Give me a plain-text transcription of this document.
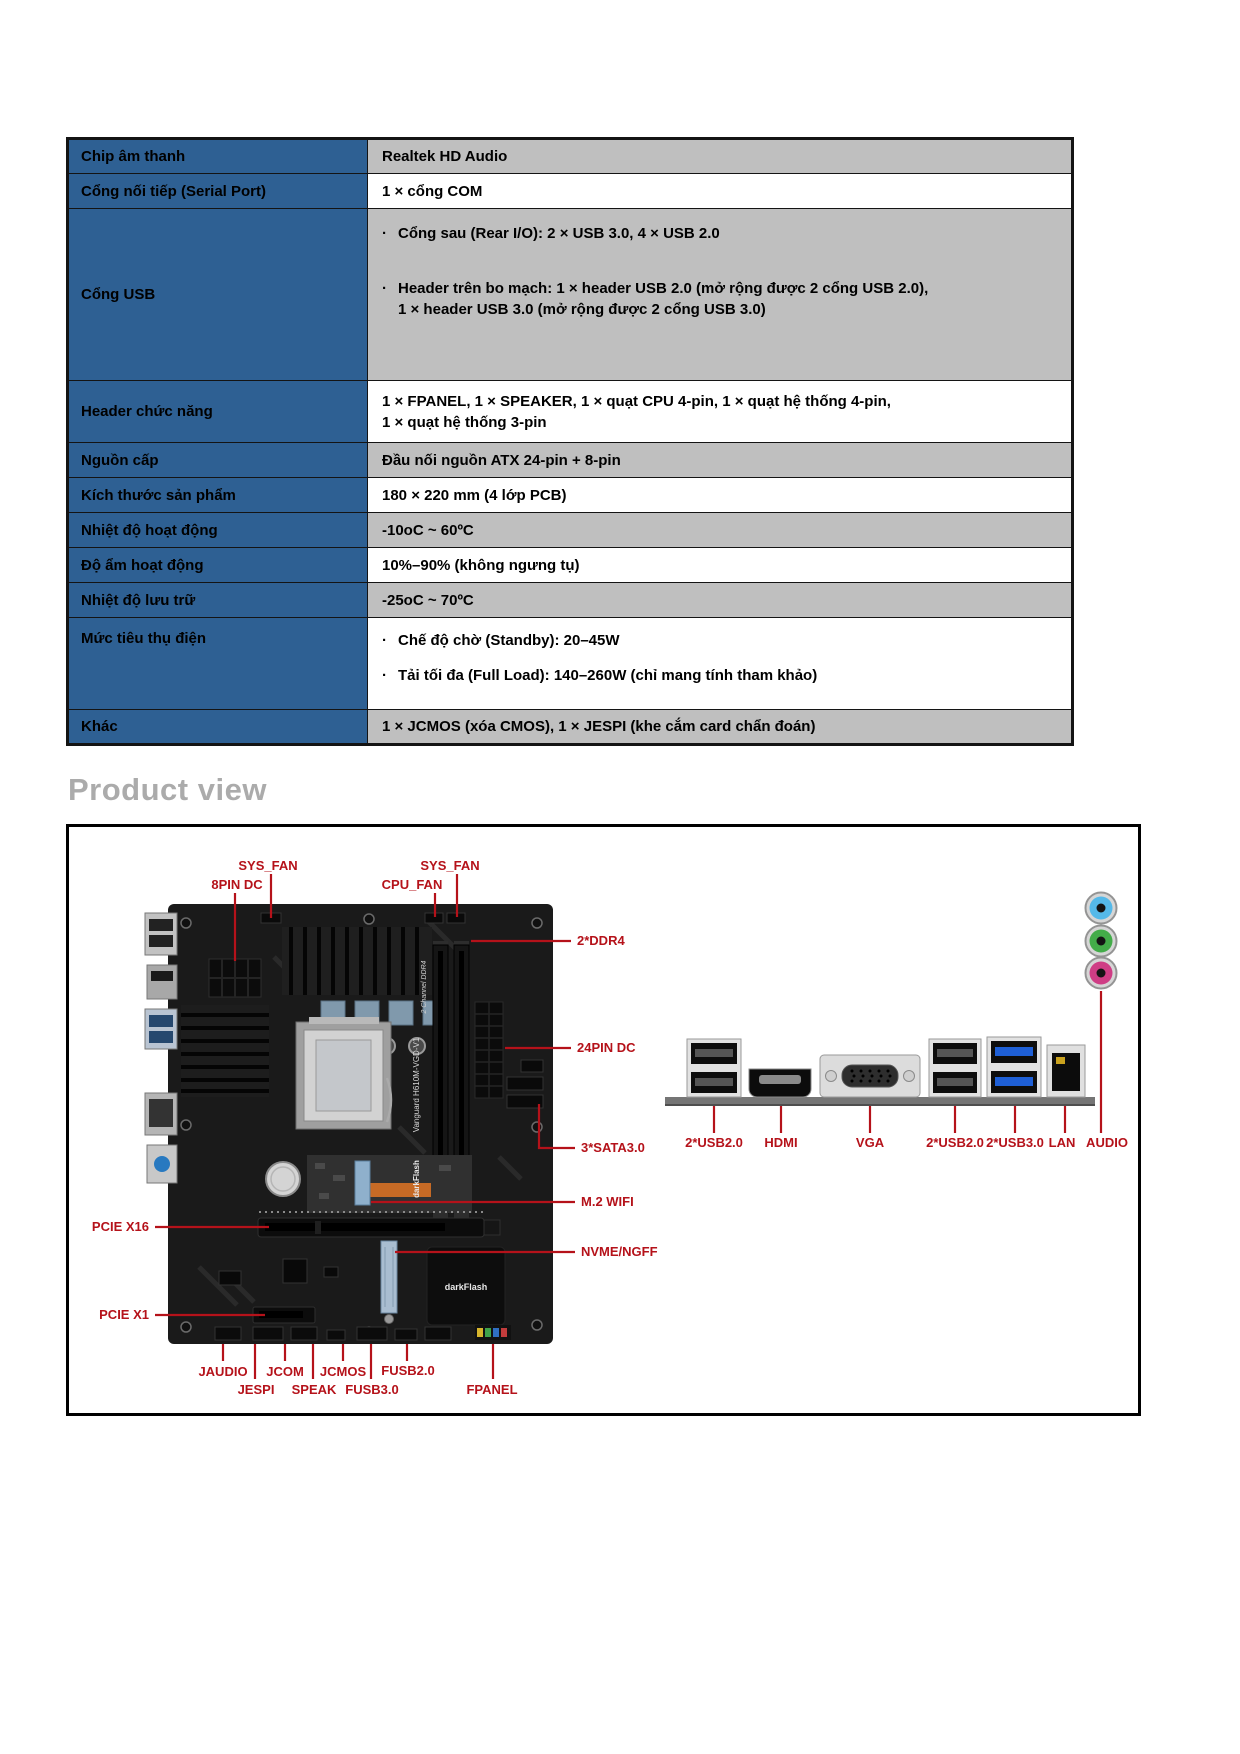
Chip âm thanh	Realtek HD Audio

Cổng nối tiếp (Serial Port)	1 × cổng COM

Cổng USB	· Cổng sau (Rear I/O): 2 × USB 3.0, 4 × USB 2.0
· Header trên bo mạch: 1 × header USB 2.0 (mở rộng được 2 cổng USB 2.0),
1 × header USB 3.0 (mở rộng được 2 cổng USB 3.0)

Header chức năng	1 × FPANEL, 1 × SPEAKER, 1 × quạt CPU 4-pin, 1 × quạt hệ thống 4-pin,
1 × quạt hệ thống 3-pin

Nguồn cấp	Đầu nối nguồn ATX 24-pin + 8-pin

Kích thước sản phẩm	180 × 220 mm (4 lớp PCB)

Nhiệt độ hoạt động	-10oC ~ 60ºC

Độ ẩm hoạt động	10%–90% (không ngưng tụ)

Nhiệt độ lưu trữ	-25oC ~ 70ºC

Mức tiêu thụ điện	· Chế độ chờ (Standby): 20–45W
· Tải tối đa (Full Load): 140–260W (chỉ mang tính tham khảo)

Khác	1 × JCMOS (xóa CMOS), 1 × JESPI (khe cắm card chẩn đoán)
Product view
darkFlash
Vanguard H610M-VGD-V1
darkFlash
2 Channel DDR4
SYS_FAN
8PIN DC	CPU_FAN
SYS_FAN
2*DDR4
24PIN DC
3*SATA3.0
M.2 WIFI
NVME/NGFF
PCIE X16
PCIE X1
JAUDIO JCOM JCMOS FUSB2.0
JESPI SPEAK FUSB3.0	FPANEL
2*USB2.0 HDMI	VGA	2*USB2.0 2*USB3.0 LAN AUDIO
